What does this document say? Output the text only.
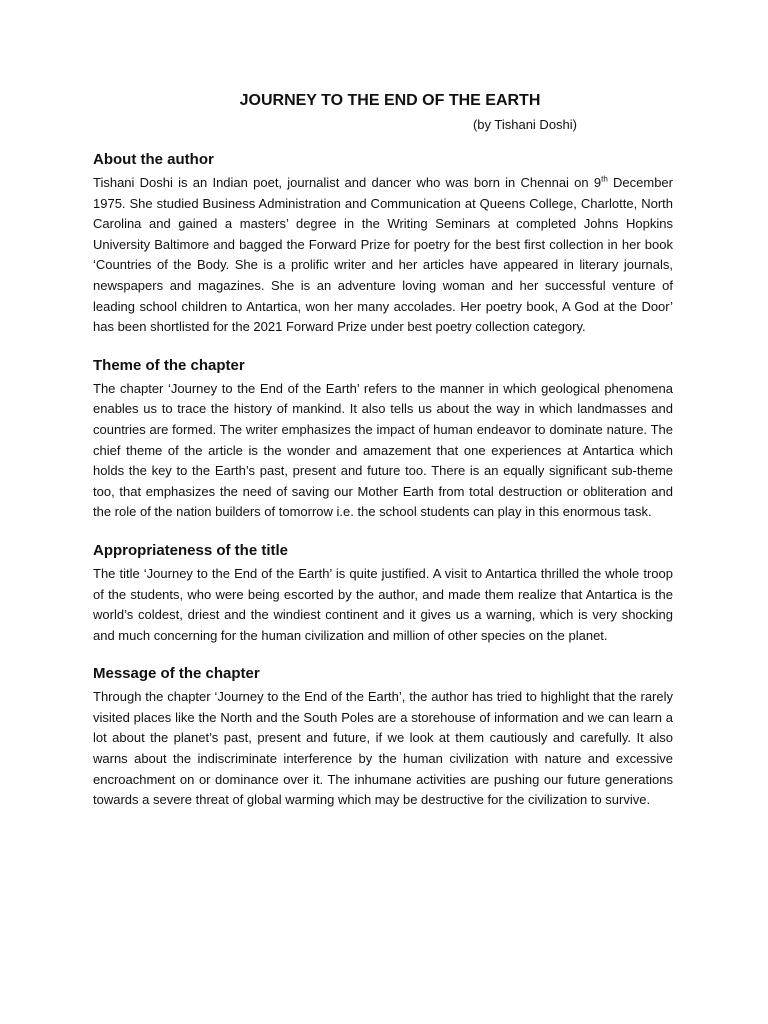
JOURNEY TO THE END OF THE EARTH
(by Tishani Doshi)
About the author

Tishani Doshi is an Indian poet, journalist and dancer who was born in Chennai on 9th December 1975. She studied Business Administration and Communication at Queens College, Charlotte, North Carolina and gained a masters’ degree in the Writing Seminars at completed Johns Hopkins University Baltimore and bagged the Forward Prize for poetry for the best first collection in her book ‘Countries of the Body. She is a prolific writer and her articles have appeared in literary journals, newspapers and magazines. She is an adventure loving woman and her successful venture of leading school children to Antartica, won her many accolades. Her poetry book, A God at the Door’ has been shortlisted for the 2021 Forward Prize under best poetry collection category.

Theme of the chapter

The chapter ‘Journey to the End of the Earth’ refers to the manner in which geological phenomena enables us to trace the history of mankind. It also tells us about the way in which landmasses and countries are formed. The writer emphasizes the impact of human endeavor to dominate nature. The chief theme of the article is the wonder and amazement that one experiences at Antartica which holds the key to the Earth’s past, present and future too. There is an equally significant sub-theme too, that emphasizes the need of saving our Mother Earth from total destruction or obliteration and the role of the nation builders of tomorrow i.e. the school students can play in this enormous task.

Appropriateness of the title

The title ‘Journey to the End of the Earth’ is quite justified. A visit to Antartica thrilled the whole troop of the students, who were being escorted by the author, and made them realize that Antartica is the world’s coldest, driest and the windiest continent and it gives us a warning, which is very shocking and much concerning for the human civilization and million of other species on the planet.

Message of the chapter

Through the chapter ‘Journey to the End of the Earth’, the author has tried to highlight that the rarely visited places like the North and the South Poles are a storehouse of information and we can learn a lot about the planet’s past, present and future, if we look at them cautiously and carefully. It also warns about the indiscriminate interference by the human civilization with nature and excessive encroachment on or dominance over it. The inhumane activities are pushing our future generations towards a severe threat of global warming which may be destructive for the civilization to survive.
